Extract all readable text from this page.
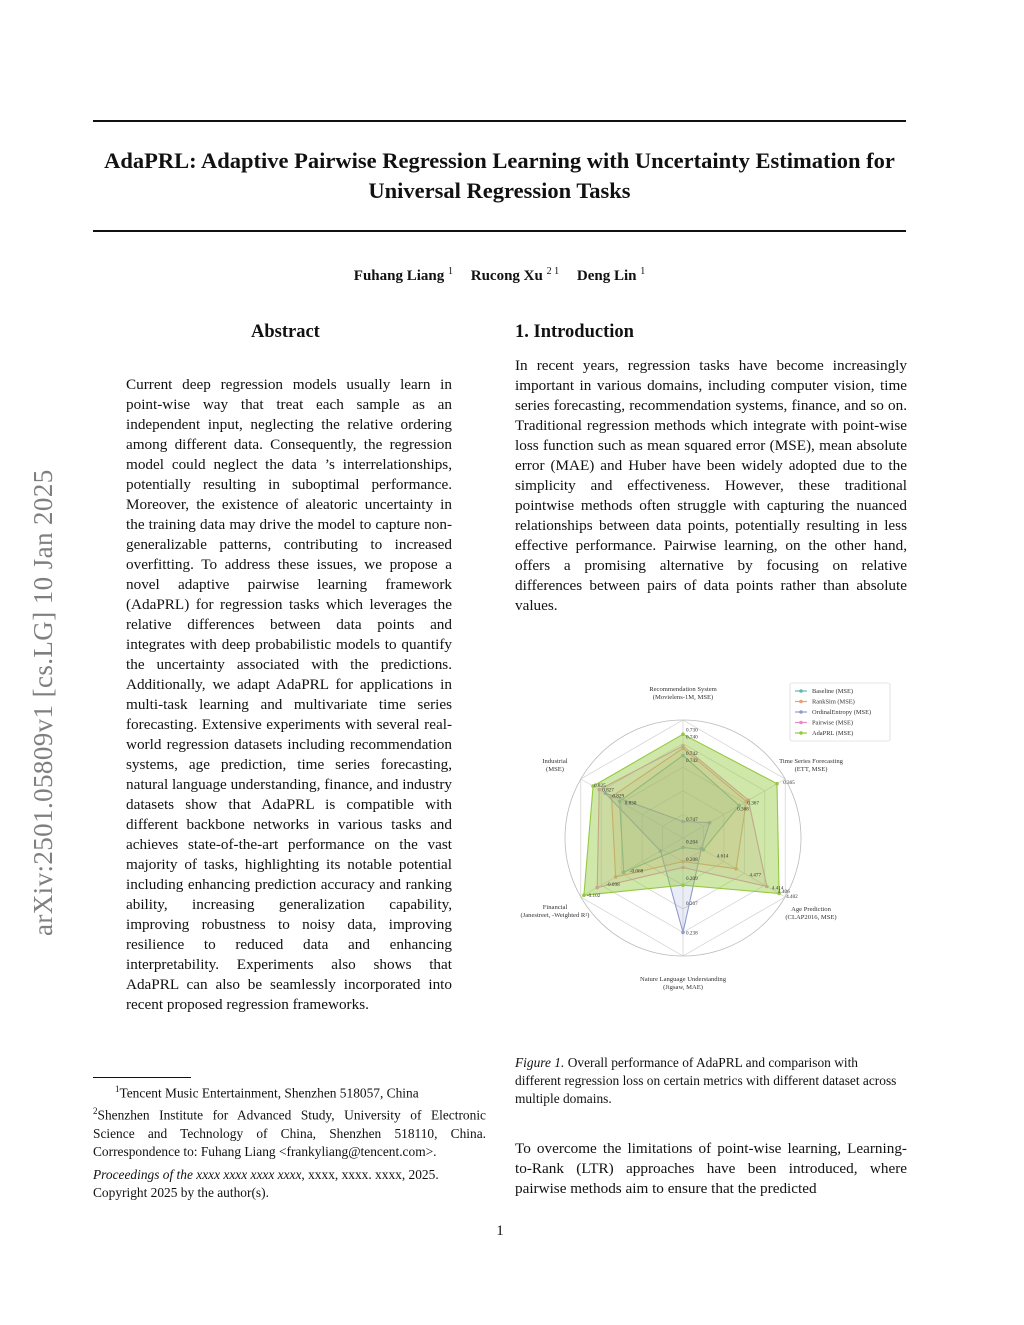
AdaPRL: Adaptive Pairwise Regression Learning with Uncertainty Estimation for Universal Regression Tasks
Fuhang Liang $^1$ Rucong Xu $^{2 1}$ Deng Lin $^1$
arXiv:2501.05809v1 [cs.LG] 10 Jan 2025
Abstract

Current deep regression models usually learn in point-wise way that treat each sample as an independent input, neglecting the relative ordering among different data. Consequently, the regression model could neglect the data ’s interrelationships, potentially resulting in suboptimal performance. Moreover, the existence of aleatoric uncertainty in the training data may drive the model to capture non-generalizable patterns, contributing to increased overfitting. To address these issues, we propose a novel adaptive pairwise learning framework (AdaPRL) for regression tasks which leverages the relative differences between data points and integrates with deep probabilistic models to quantify the uncertainty associated with the predictions. Additionally, we adapt AdaPRL for applications in multi-task learning and multivariate time series forecasting. Extensive experiments with several real-world regression datasets including recommendation systems, age prediction, time series forecasting, natural language understanding, finance, and industry datasets show that AdaPRL is compatible with different backbone networks in various tasks and achieves state-of-the-art performance on the vast majority of tasks, highlighting its notable potential including enhancing prediction accuracy and ranking ability, increasing generalization capability, improving robustness to noisy data, improving resilience to reduced data and enhancing interpretability. Experiments also shows that AdaPRL can also be seamlessly incorporated into recent proposed regression frameworks.

1. Introduction

In recent years, regression tasks have become increasingly important in various domains, including computer vision, time series forecasting, recommendation systems, finance, and so on. Traditional regression methods which integrate with point-wise loss function such as mean squared error (MSE), mean absolute error (MAE) and Huber have been widely adopted due to the simplicity and effectiveness. However, these traditional pointwise methods often struggle with capturing the nuanced relationships between data points, potentially resulting in less effective performance. Pairwise learning, on the other hand, offers a promising alternative by focusing on relative differences between pairs of data points rather than absolute values.

0.730
0.740
0.742
0.742
0.747
0.365
0.367
0.368
4.402
4.406
4.414
4.477
4.614
0.238
0.207
0.209
0.208
0.204
-0.102
-0.098
-0.068
0.825
0.827
0.829
0.830
Recommendation System
(Movielens-1M, MSE)
Time Series Forecasting
(ETT, MSE)
Age Prediction
(CLAP2016, MSE)
Nature Language Understanding
(Jigsaw, MAE)
Financial
(Janestreet, -Weighted R²)
Industrial
(MSE)
Baseline (MSE)
RankSim (MSE)
OrdinalEntropy (MSE)
Pairwise (MSE)
AdaPRL (MSE)
Figure 1. Overall performance of AdaPRL and comparison with different regression loss on certain metrics with different dataset across multiple domains.

To overcome the limitations of point-wise learning, Learning-to-Rank (LTR) approaches have been introduced, where pairwise methods aim to ensure that the predicted

$^1$Tencent Music Entertainment, Shenzhen 518057, China

$^2$Shenzhen Institute for Advanced Study, University of Electronic Science and Technology of China, Shenzhen 518110, China. Correspondence to: Fuhang Liang <frankyliang@tencent.com>.

Proceedings of the xxxx xxxx xxxx xxxx, xxxx, xxxx. xxxx, 2025.

Copyright 2025 by the author(s).

1
